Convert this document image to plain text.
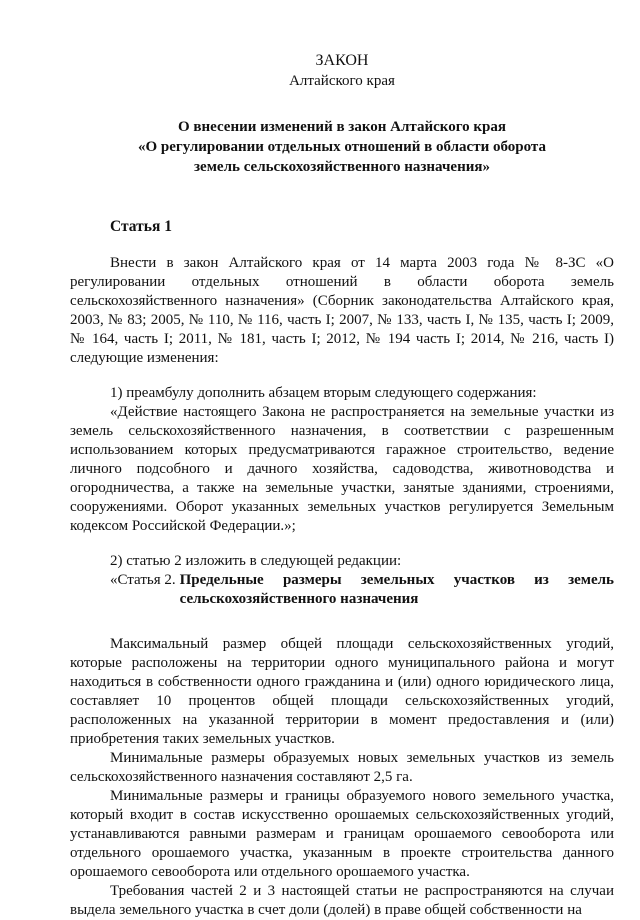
ЗАКОН
Алтайского края
О внесении изменений в закон Алтайского края
«О регулировании отдельных отношений в области оборота
земель сельскохозяйственного назначения»
Статья 1

Внести в закон Алтайского края от 14 марта 2003 года № 8-ЗС «О регулировании отдельных отношений в области оборота земель сельскохозяйственного назначения» (Сборник законодательства Алтайского края, 2003, № 83; 2005, № 110, № 116, часть I; 2007, № 133, часть I, № 135, часть I; 2009, № 164, часть I; 2011, № 181, часть I; 2012, № 194 часть I; 2014, № 216, часть I) следующие изменения:

1) преамбулу дополнить абзацем вторым следующего содержания:

«Действие настоящего Закона не распространяется на земельные участки из земель сельскохозяйственного назначения, в соответствии с разрешенным использованием которых предусматриваются гаражное строительство, ведение личного подсобного и дачного хозяйства, садоводства, животноводства и огородничества, а также на земельные участки, занятые зданиями, строениями, сооружениями. Оборот указанных земельных участков регулируется Земельным кодексом Российской Федерации.»;

2) статью 2 изложить в следующей редакции:

«Статья 2. Предельные размеры земельных участков из земель
сельскохозяйственного назначения

Максимальный размер общей площади сельскохозяйственных угодий, которые расположены на территории одного муниципального района и могут находиться в собственности одного гражданина и (или) одного юридического лица, составляет 10 процентов общей площади сельскохозяйственных угодий, расположенных на указанной территории в момент предоставления и (или) приобретения таких земельных участков.

Минимальные размеры образуемых новых земельных участков из земель сельскохозяйственного назначения составляют 2,5 га.

Минимальные размеры и границы образуемого нового земельного участка, который входит в состав искусственно орошаемых сельскохозяйственных угодий, устанавливаются равными размерам и границам орошаемого севооборота или отдельного орошаемого участка, указанным в проекте строительства данного орошаемого севооборота или отдельного орошаемого участка.

Требования частей 2 и 3 настоящей статьи не распространяются на случаи выдела земельного участка в счет доли (долей) в праве общей собственности на
